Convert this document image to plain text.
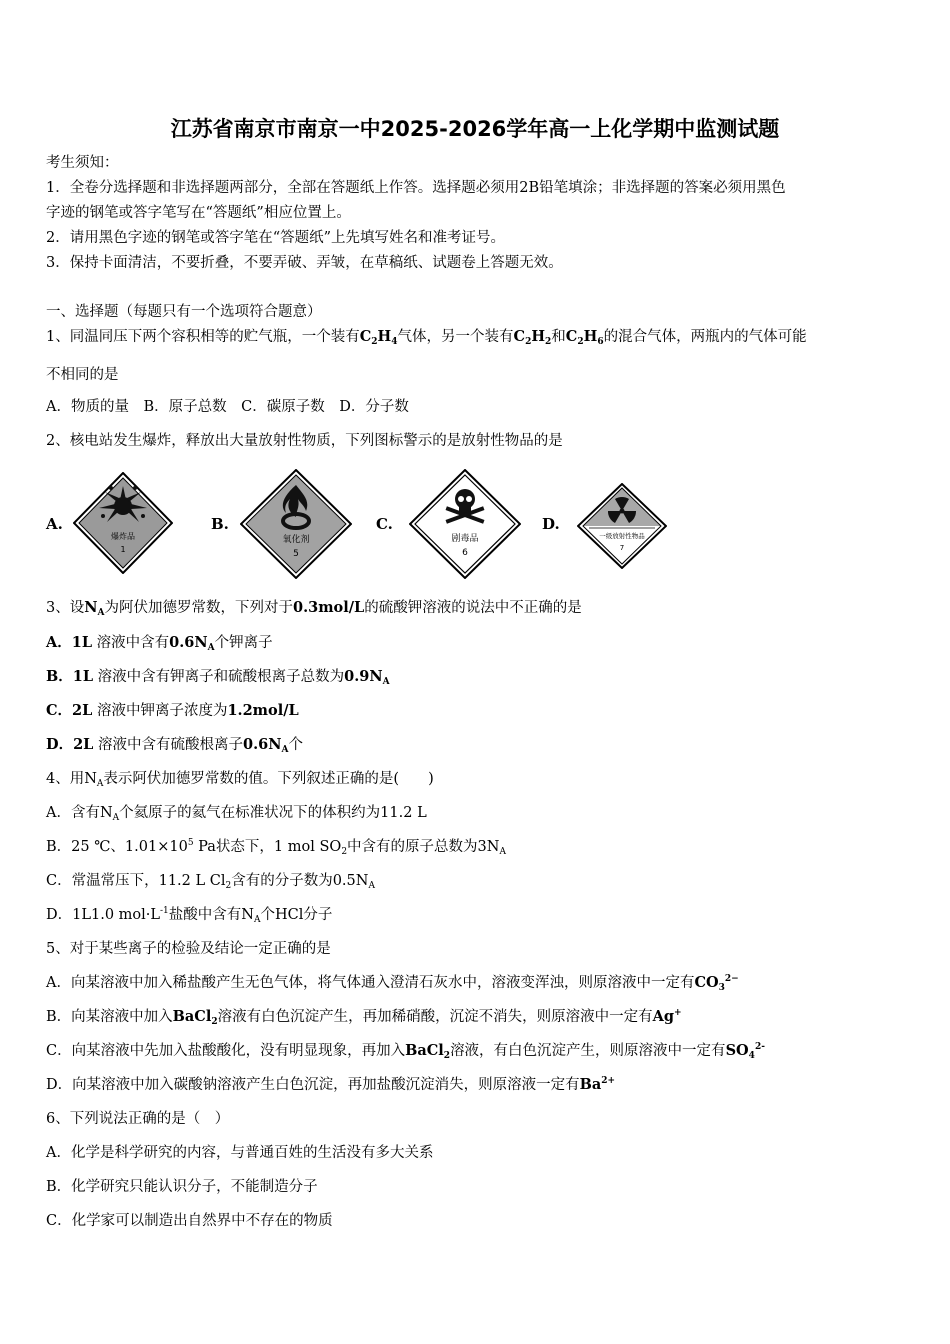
江苏省南京市南京一中2025-2026学年高一上化学期中监测试题
考生须知：
1．全卷分选择题和非选择题两部分，全部在答题纸上作答。选择题必须用2B铅笔填涂；非选择题的答案必须用黑色
字迹的钢笔或答字笔写在“答题纸”相应位置上。
2．请用黑色字迹的钢笔或答字笔在“答题纸”上先填写姓名和准考证号。
3．保持卡面清洁，不要折叠，不要弄破、弄皱，在草稿纸、试题卷上答题无效。
一、选择题（每题只有一个选项符合题意）
1、同温同压下两个容积相等的贮气瓶，一个装有$C_2H_4$气体，另一个装有$C_2H_2$和$C_2H_6$的混合气体，两瓶内的气体可能
不相同的是
A．物质的量　B．原子总数　C．碳原子数　D．分子数
2、核电站发生爆炸，释放出大量放射性物质，下列图标警示的是放射性物品的是
A.	B.	C.	D.
爆炸品
1
氧化剂
5
剧毒品
6
一级放射性物品
7
3、设$N_A$为阿伏加德罗常数，下列对于0.3mol/L的硫酸钾溶液的说法中不正确的是
A．1L 溶液中含有$0.6N_A$个钾离子
B．1L 溶液中含有钾离子和硫酸根离子总数为$0.9N_A$
C．2L 溶液中钾离子浓度为1.2mol/L
D．2L 溶液中含有硫酸根离子$0.6N_A$个
4、用$N_A$表示阿伏加德罗常数的值。下列叙述正确的是(　　)
A．含有$N_A$个氦原子的氦气在标准状况下的体积约为11.2 L
B．25 ℃、$1.01\times 10^5$ Pa状态下，1 mol $SO_2$中含有的原子总数为$3N_A$
C．常温常压下，11.2 L $Cl_2$含有的分子数为$0.5N_A$
D．1L1.0 $mol\cdot L^{-1}$盐酸中含有$N_A$个HCl分子
5、对于某些离子的检验及结论一定正确的是
A．向某溶液中加入稀盐酸产生无色气体，将气体通入澄清石灰水中，溶液变浑浊，则原溶液中一定有$CO_3^{2-}$
B．向某溶液中加入BaCl$_2$溶液有白色沉淀产生，再加稀硝酸，沉淀不消失，则原溶液中一定有Ag+
C．向某溶液中先加入盐酸酸化，没有明显现象，再加入BaCl$_2$溶液，有白色沉淀产生，则原溶液中一定有$SO_4^{2-}$
D．向某溶液中加入碳酸钠溶液产生白色沉淀，再加盐酸沉淀消失，则原溶液一定有$Ba^{2+}$
6、下列说法正确的是（　）
A．化学是科学研究的内容，与普通百姓的生活没有多大关系
B．化学研究只能认识分子，不能制造分子
C．化学家可以制造出自然界中不存在的物质
